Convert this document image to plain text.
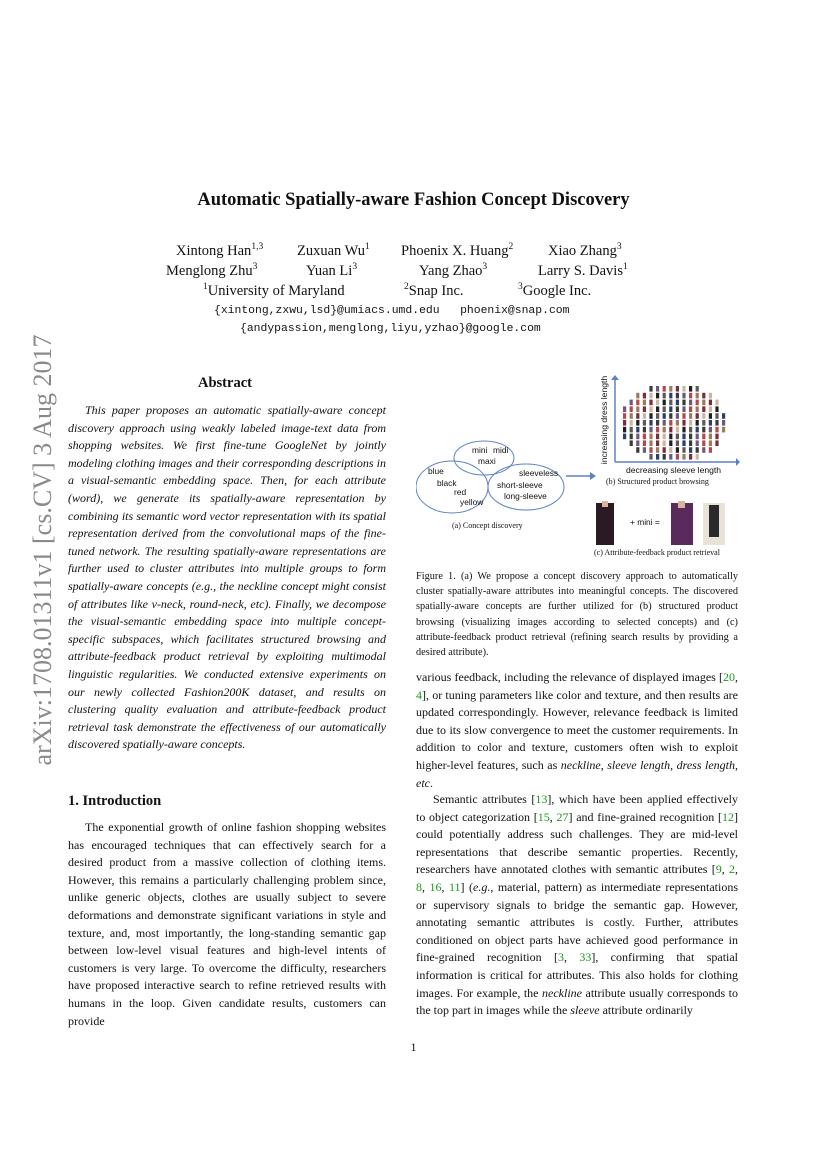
arXiv:1708.01311v1 [cs.CV] 3 Aug 2017
Automatic Spatially-aware Fashion Concept Discovery
Xintong Han$^{1,3}$ Zuxuan Wu$^1$ Phoenix X. Huang$^2$ Xiao Zhang$^3$
Menglong Zhu$^3$	Yuan Li$^3$	Yang Zhao$^3$	Larry S. Davis$^1$
$^1$University of Maryland	$^2$Snap Inc.	$^3$Google Inc.
{xintong,zxwu,lsd}@umiacs.umd.edu   phoenix@snap.com
{andypassion,menglong,liyu,yzhao}@google.com
Abstract
This paper proposes an automatic spatially-aware concept discovery approach using weakly labeled image-text data from shopping websites. We first fine-tune GoogleNet by jointly modeling clothing images and their corresponding descriptions in a visual-semantic embedding space. Then, for each attribute (word), we generate its spatially-aware representation by combining its semantic word vector representation with its spatial representation derived from the convolutional maps of the fine-tuned network. The resulting spatially-aware representations are further used to cluster attributes into multiple groups to form spatially-aware concepts (e.g., the neckline concept might consist of attributes like v-neck, round-neck, etc). Finally, we decompose the visual-semantic embedding space into multiple concept-specific subspaces, which facilitates structured browsing and attribute-feedback product retrieval by exploiting multimodal linguistic regularities. We conducted extensive experiments on our newly collected Fashion200K dataset, and results on clustering quality evaluation and attribute-feedback product retrieval task demonstrate the effectiveness of our automatically discovered spatially-aware concepts.
1. Introduction
The exponential growth of online fashion shopping websites has encouraged techniques that can effectively search for a desired product from a massive collection of clothing items. However, this remains a particularly challenging problem since, unlike generic objects, clothes are usually subject to severe deformations and demonstrate significant variations in style and texture, and, most importantly, the long-standing semantic gap between low-level visual features and high-level intents of customers is very large. To overcome the difficulty, researchers have proposed interactive search to refine retrieved results with humans in the loop. Given candidate results, customers can provide
mini midi
maxi
blue
black
red
yellow
sleeveless
short-sleeve
long-sleeve
(a) Concept discovery
decreasing sleeve length
increasing dress length
(b) Structured product browsing
+ mini =
(c) Attribute-feedback product retrieval
Figure 1. (a) We propose a concept discovery approach to automatically cluster spatially-aware attributes into meaningful concepts. The discovered spatially-aware concepts are further utilized for (b) structured product browsing (visualizing images according to selected concepts) and (c) attribute-feedback product retrieval (refining search results by providing a desired attribute).
various feedback, including the relevance of displayed images [20, 4], or tuning parameters like color and texture, and then results are updated correspondingly. However, relevance feedback is limited due to its slow convergence to meet the customer requirements. In addition to color and texture, customers often wish to exploit higher-level features, such as neckline, sleeve length, dress length, etc.
Semantic attributes [13], which have been applied effectively to object categorization [15, 27] and fine-grained recognition [12] could potentially address such challenges. They are mid-level representations that describe semantic properties. Recently, researchers have annotated clothes with semantic attributes [9, 2, 8, 16, 11] (e.g., material, pattern) as intermediate representations or supervisory signals to bridge the semantic gap. However, annotating semantic attributes is costly. Further, attributes conditioned on object parts have achieved good performance in fine-grained recognition [3, 33], confirming that spatial information is critical for attributes. This also holds for clothing images. For example, the neckline attribute usually corresponds to the top part in images while the sleeve attribute ordinarily
1
